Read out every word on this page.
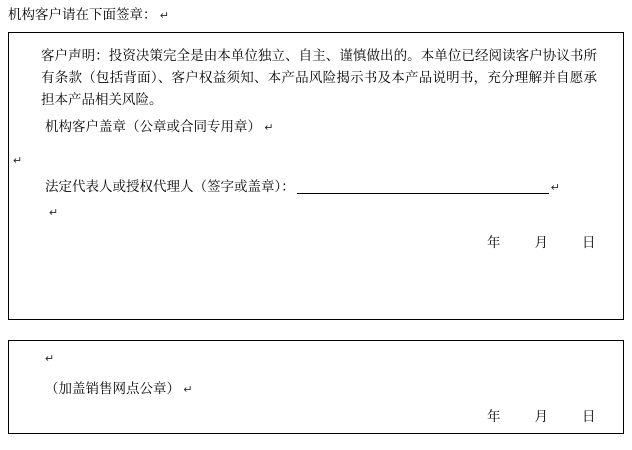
机构客户请在下面签章： ↵
客户声明：投资决策完全是由本单位独立、自主、谨慎做出的。本单位已经阅读客户协议书所有条款（包括背面）、客户权益须知、本产品风险揭示书及本产品说明书，充分理解并自愿承担本产品相关风险。
机构客户盖章（公章或合同专用章） ↵
↵
法定代表人或授权代理人（签字或盖章）：	↵
↵
年	月	日
↵
（加盖销售网点公章） ↵
年	月	日
